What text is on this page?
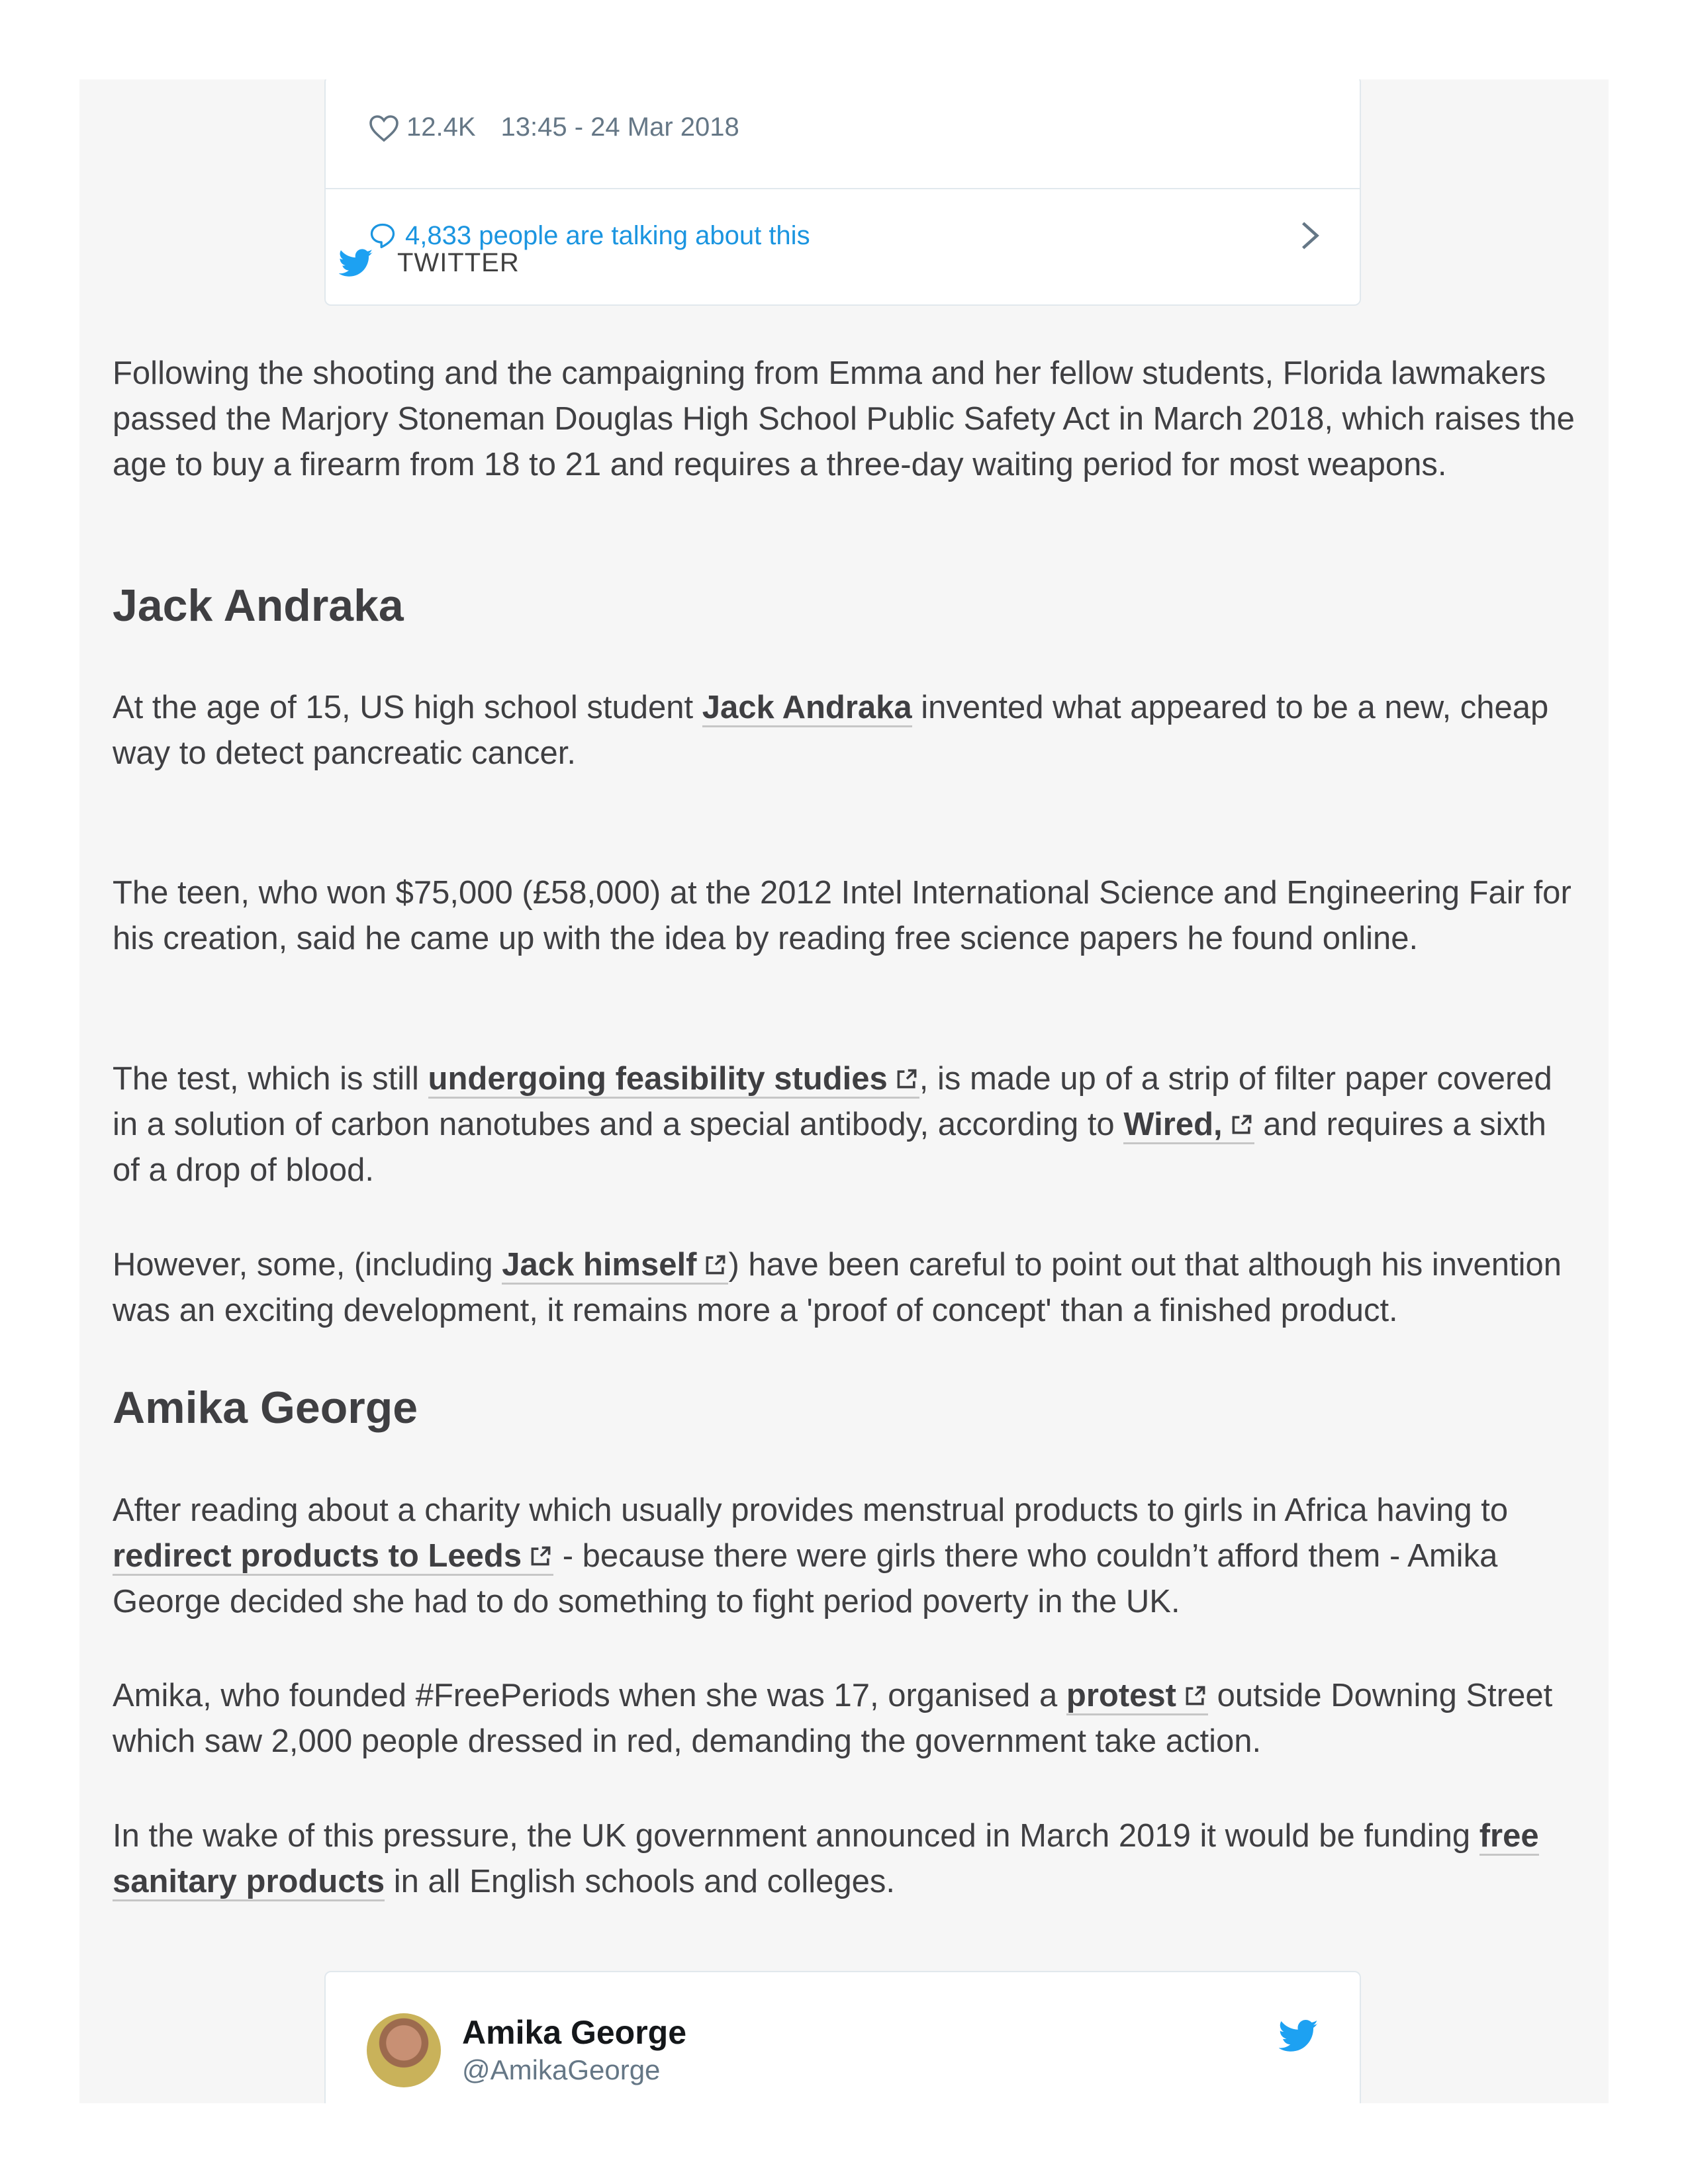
12.4K 13:45 - 24 Mar 2018
4,833 people are talking about this
TWITTER

Following the shooting and the campaigning from Emma and her fellow students, Florida lawmakers passed the Marjory Stoneman Douglas High School Public Safety Act in March 2018, which raises the age to buy a firearm from 18 to 21 and requires a three-day waiting period for most weapons.

Jack Andraka

At the age of 15, US high school student Jack Andraka invented what appeared to be a new, cheap way to detect pancreatic cancer.

The teen, who won $75,000 (£58,000) at the 2012 Intel International Science and Engineering Fair for his creation, said he came up with the idea by reading free science papers he found online.

The test, which is still undergoing feasibility studies , is made up of a strip of filter paper covered in a solution of carbon nanotubes and a special antibody, according to Wired, and requires a sixth of a drop of blood.

However, some, (including Jack himself ) have been careful to point out that although his invention was an exciting development, it remains more a 'proof of concept' than a finished product.

Amika George

After reading about a charity which usually provides menstrual products to girls in Africa having to redirect products to Leeds - because there were girls there who couldn’t afford them - Amika George decided she had to do something to fight period poverty in the UK.

Amika, who founded #FreePeriods when she was 17, organised a protest outside Downing Street which saw 2,000 people dressed in red, demanding the government take action.

In the wake of this pressure, the UK government announced in March 2019 it would be funding free sanitary products in all English schools and colleges.

Amika George
@AmikaGeorge
